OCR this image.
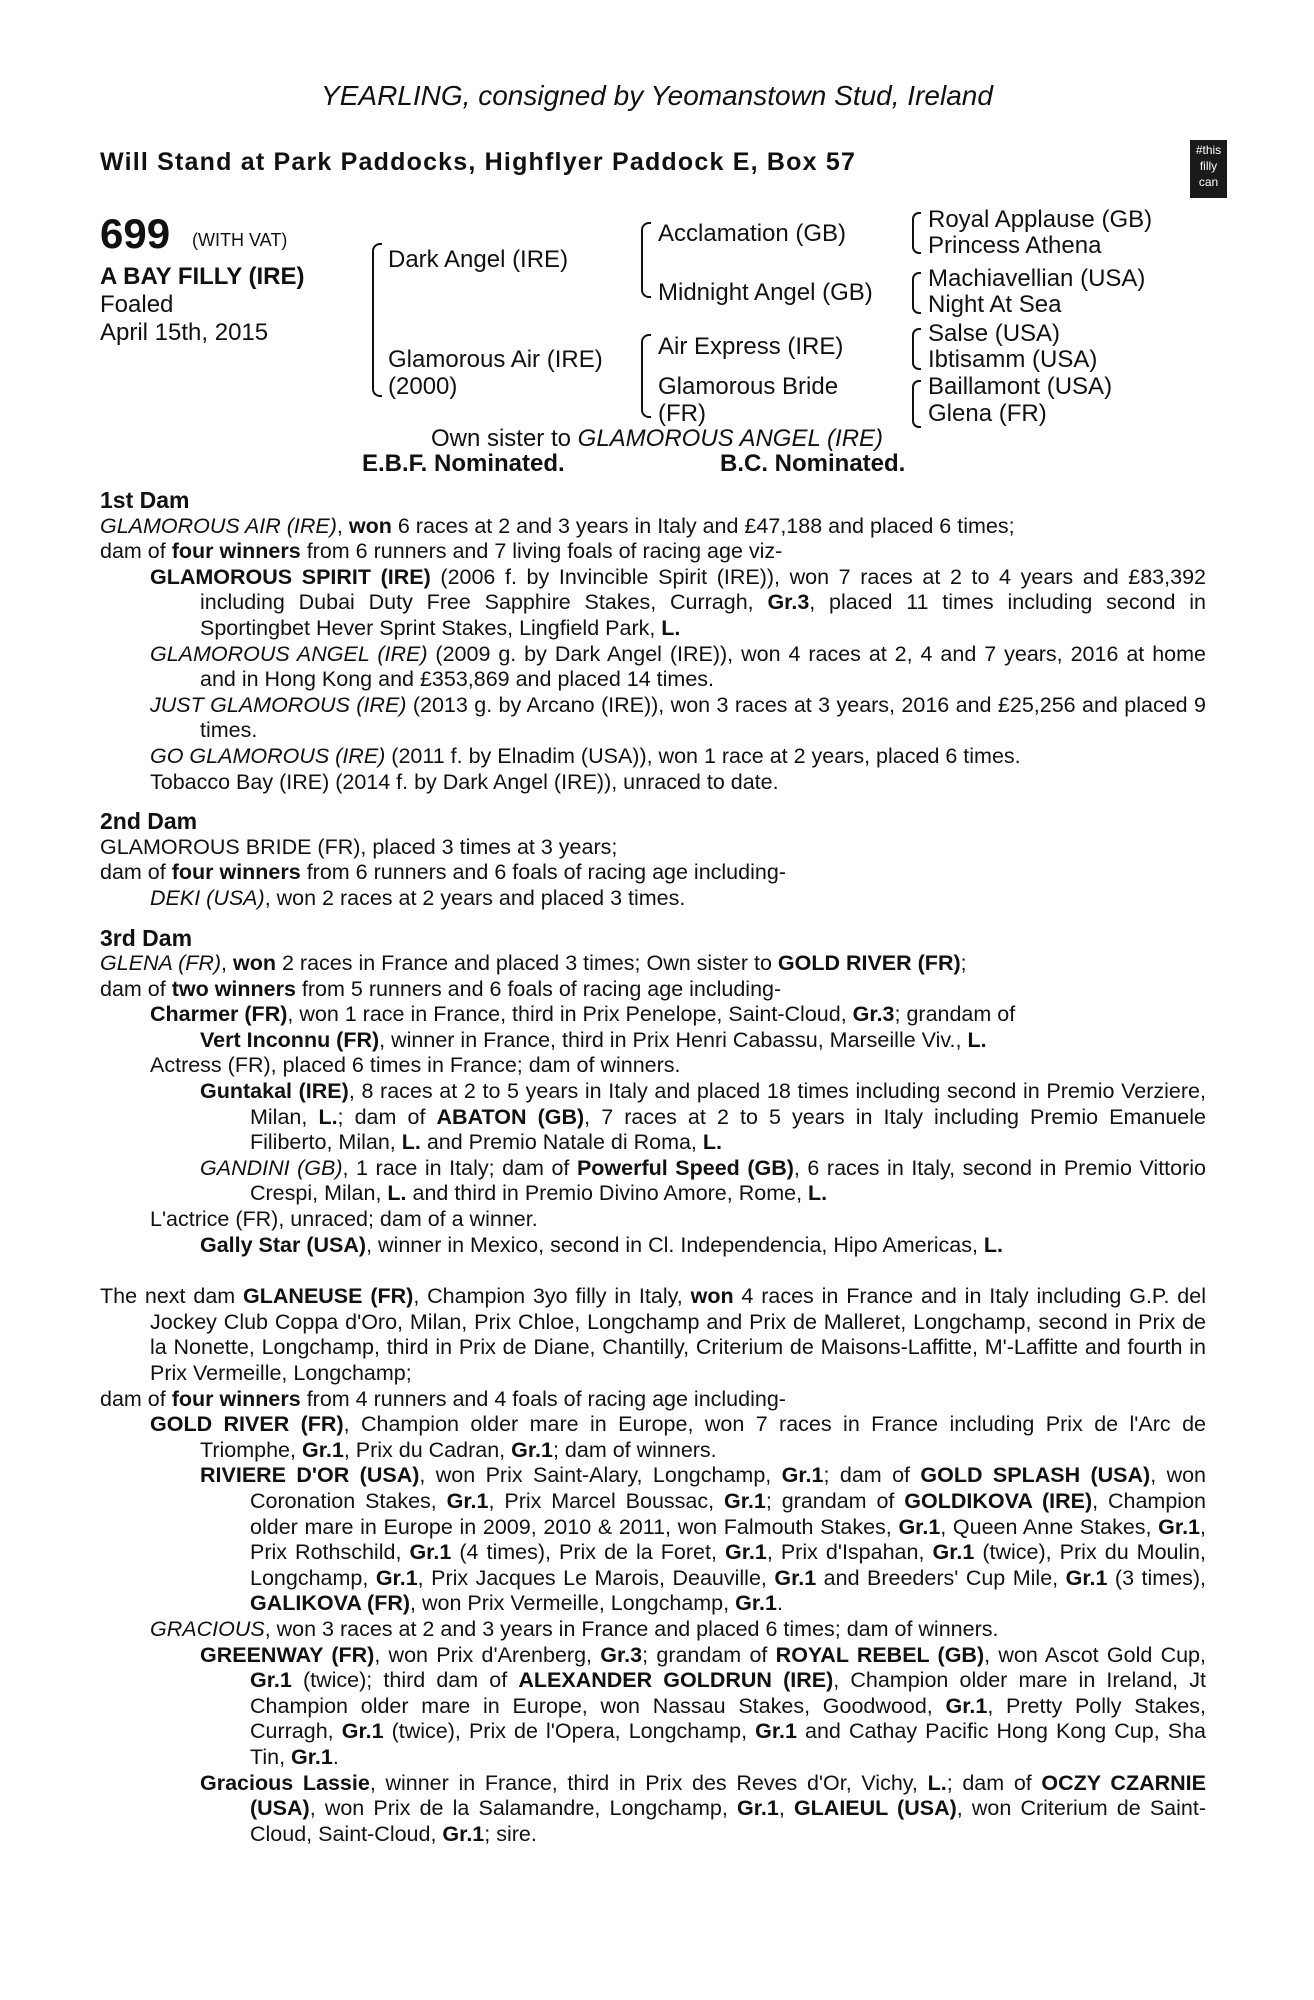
YEARLING, consigned by Yeomanstown Stud, Ireland
Will Stand at Park Paddocks, Highflyer Paddock E, Box 57	#this
filly
can
699 (WITH VAT)
A BAY FILLY (IRE)
Foaled
April 15th, 2015
Dark Angel (IRE)
Glamorous Air (IRE)
(2000)
Acclamation (GB)
Midnight Angel (GB)
Air Express (IRE)
Glamorous Bride
(FR)
Royal Applause (GB)
Princess Athena
Machiavellian (USA)
Night At Sea
Salse (USA)
Ibtisamm (USA)
Baillamont (USA)
Glena (FR)
Own sister to GLAMOROUS ANGEL (IRE)
E.B.F. Nominated.	B.C. Nominated.
1st Dam
GLAMOROUS AIR (IRE), won 6 races at 2 and 3 years in Italy and £47,188 and placed 6 times;
dam of four winners from 6 runners and 7 living foals of racing age viz-
GLAMOROUS SPIRIT (IRE) (2006 f. by Invincible Spirit (IRE)), won 7 races at 2 to 4 years and £83,392 including Dubai Duty Free Sapphire Stakes, Curragh, Gr.3, placed 11 times including second in Sportingbet Hever Sprint Stakes, Lingfield Park, L.
GLAMOROUS ANGEL (IRE) (2009 g. by Dark Angel (IRE)), won 4 races at 2, 4 and 7 years, 2016 at home and in Hong Kong and £353,869 and placed 14 times.
JUST GLAMOROUS (IRE) (2013 g. by Arcano (IRE)), won 3 races at 3 years, 2016 and £25,256 and placed 9 times.
GO GLAMOROUS (IRE) (2011 f. by Elnadim (USA)), won 1 race at 2 years, placed 6 times.
Tobacco Bay (IRE) (2014 f. by Dark Angel (IRE)), unraced to date.
2nd Dam
GLAMOROUS BRIDE (FR), placed 3 times at 3 years;
dam of four winners from 6 runners and 6 foals of racing age including-
DEKI (USA), won 2 races at 2 years and placed 3 times.
3rd Dam
GLENA (FR), won 2 races in France and placed 3 times; Own sister to GOLD RIVER (FR);
dam of two winners from 5 runners and 6 foals of racing age including-
Charmer (FR), won 1 race in France, third in Prix Penelope, Saint-Cloud, Gr.3; grandam of
Vert Inconnu (FR), winner in France, third in Prix Henri Cabassu, Marseille Viv., L.
Actress (FR), placed 6 times in France; dam of winners.
Guntakal (IRE), 8 races at 2 to 5 years in Italy and placed 18 times including second in Premio Verziere, Milan, L.; dam of ABATON (GB), 7 races at 2 to 5 years in Italy including Premio Emanuele Filiberto, Milan, L. and Premio Natale di Roma, L.
GANDINI (GB), 1 race in Italy; dam of Powerful Speed (GB), 6 races in Italy, second in Premio Vittorio Crespi, Milan, L. and third in Premio Divino Amore, Rome, L.
L'actrice (FR), unraced; dam of a winner.
Gally Star (USA), winner in Mexico, second in Cl. Independencia, Hipo Americas, L.
The next dam GLANEUSE (FR), Champion 3yo filly in Italy, won 4 races in France and in Italy including G.P. del Jockey Club Coppa d'Oro, Milan, Prix Chloe, Longchamp and Prix de Malleret, Longchamp, second in Prix de la Nonette, Longchamp, third in Prix de Diane, Chantilly, Criterium de Maisons-Laffitte, M'-Laffitte and fourth in Prix Vermeille, Longchamp;
dam of four winners from 4 runners and 4 foals of racing age including-
GOLD RIVER (FR), Champion older mare in Europe, won 7 races in France including Prix de l'Arc de Triomphe, Gr.1, Prix du Cadran, Gr.1; dam of winners.
RIVIERE D'OR (USA), won Prix Saint-Alary, Longchamp, Gr.1; dam of GOLD SPLASH (USA), won Coronation Stakes, Gr.1, Prix Marcel Boussac, Gr.1; grandam of GOLDIKOVA (IRE), Champion older mare in Europe in 2009, 2010 & 2011, won Falmouth Stakes, Gr.1, Queen Anne Stakes, Gr.1, Prix Rothschild, Gr.1 (4 times), Prix de la Foret, Gr.1, Prix d'Ispahan, Gr.1 (twice), Prix du Moulin, Longchamp, Gr.1, Prix Jacques Le Marois, Deauville, Gr.1 and Breeders' Cup Mile, Gr.1 (3 times), GALIKOVA (FR), won Prix Vermeille, Longchamp, Gr.1.
GRACIOUS, won 3 races at 2 and 3 years in France and placed 6 times; dam of winners.
GREENWAY (FR), won Prix d'Arenberg, Gr.3; grandam of ROYAL REBEL (GB), won Ascot Gold Cup, Gr.1 (twice); third dam of ALEXANDER GOLDRUN (IRE), Champion older mare in Ireland, Jt Champion older mare in Europe, won Nassau Stakes, Goodwood, Gr.1, Pretty Polly Stakes, Curragh, Gr.1 (twice), Prix de l'Opera, Longchamp, Gr.1 and Cathay Pacific Hong Kong Cup, Sha Tin, Gr.1.
Gracious Lassie, winner in France, third in Prix des Reves d'Or, Vichy, L.; dam of OCZY CZARNIE (USA), won Prix de la Salamandre, Longchamp, Gr.1, GLAIEUL (USA), won Criterium de Saint-Cloud, Saint-Cloud, Gr.1; sire.
